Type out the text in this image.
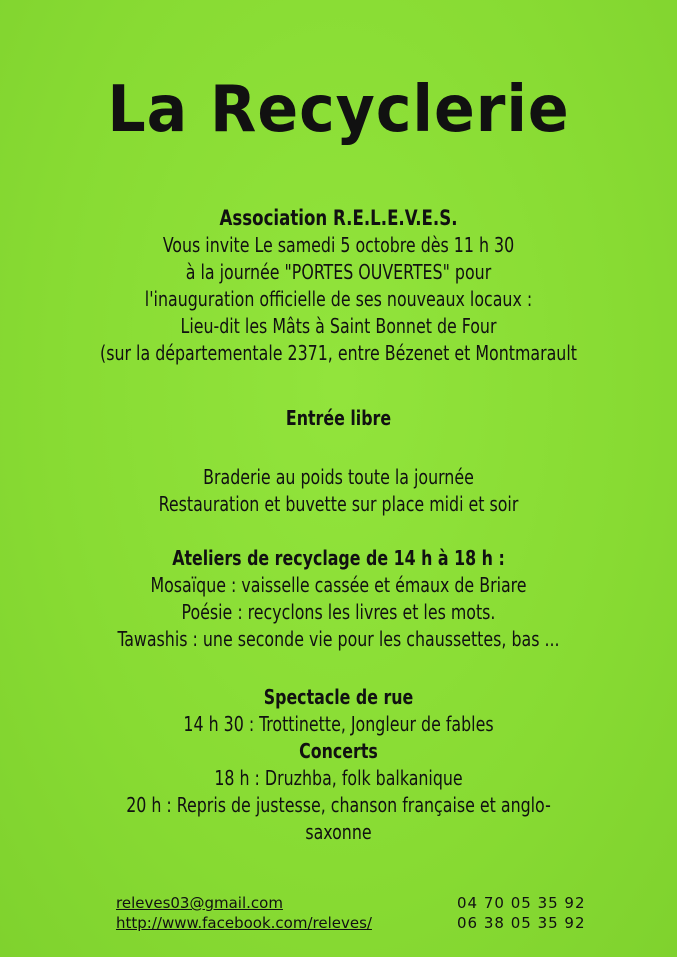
La Recyclerie
Association R.E.L.E.V.E.S.
Vous invite Le samedi 5 octobre dès 11 h 30
à la journée "PORTES OUVERTES" pour
l'inauguration officielle de ses nouveaux locaux :
Lieu-dit les Mâts à Saint Bonnet de Four
(sur la départementale 2371, entre Bézenet et Montmarault
Entrée libre
Braderie au poids toute la journée
Restauration et buvette sur place midi et soir
Ateliers de recyclage de 14 h à 18 h :
Mosaïque : vaisselle cassée et émaux de Briare
Poésie : recyclons les livres et les mots.
Tawashis : une seconde vie pour les chaussettes, bas ...
Spectacle de rue
14 h 30 : Trottinette, Jongleur de fables
Concerts
18 h : Druzhba, folk balkanique
20 h : Repris de justesse, chanson française et anglo-
saxonne
releves03@gmail.com
http://www.facebook.com/releves/
04 70 05 35 92
06 38 05 35 92
